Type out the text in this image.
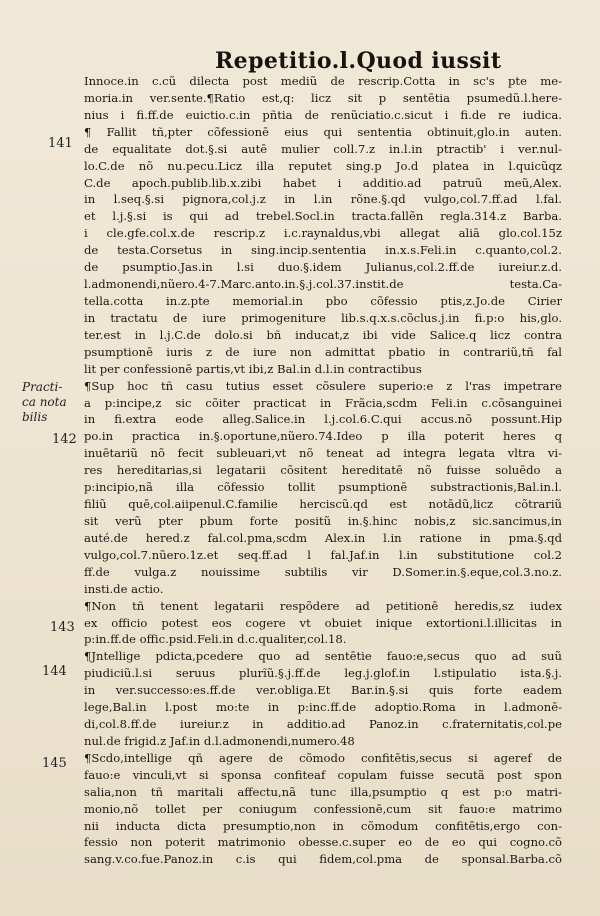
Repetitio.l.Quod iussit
141
142
143
144
145
Practi-
ca nota
bilis
Innoce.in c.cũ dilecta post mediũ de rescrip.Cotta in sc's pte me-
moria.in ver.sente.¶Ratio est,q: licz sit p sentētia psumedũ.l.here-
nius i fi.ff.de euictio.c.in pñtia de renũciatio.c.sicut i fi.de re iudica.
¶ Fallit tñ,pter cõfessionē eius qui sententia obtinuit,glo.in auten.
de equalitate dot.§.si autē mulier coll.7.z in.l.in ptractib' i ver.nul-
lo.C.de nõ nu.pecu.Licz illa reputet sing.p Jo.d platea in l.quicũqz
C.de apoch.publib.lib.x.zibi habet i additio.ad patruũ meũ,Alex.
in l.seq.§.si pignora,col.j.z in l.in rõne.§.qd vulgo,col.7.ff.ad l.fal.
et l.j.§.si is qui ad trebel.Socl.in tracta.fallẽn regla.314.z Barba.
i cle.gfe.col.x.de rescrip.z i.c.raynaldus,vbi allegat aliā glo.col.15z
de testa.Corsetus in sing.incip.sententia in.x.s.Feli.in c.quanto,col.2.
de psumptio.Jas.in l.si duo.§.idem Julianus,col.2.ff.de iureiur.z.d.
l.admonendi,nũero.4-7.Marc.anto.in.§.j.col.37.instit.de testa.Ca-
tella.cotta in.z.pte memorial.in pbo cõfessio ptis,z.Jo.de Cirier
in tractatu de iure primogeniture lib.s.q.x.s.cõclus.j.in fi.p:o his,glo.
ter.est in l.j.C.de dolo.si bñ inducat,z ibi vide Salice.q licz contra
psumptionē iuris z de iure non admittat pbatio in contrariũ,tñ fal
lit per confessionē partis,vt ibi,z Bal.in d.l.in contractibus
¶Sup hoc tñ casu tutius esset cõsulere superio:e z l'ras impetrare
a p:incipe,z sic cõiter practicat in Frãcia,scdm Feli.in c.cõsanguinei
in fi.extra eode alleg.Salice.in l.j.col.6.C.qui accus.nõ possunt.Hip
po.in practica in.§.oportune,nũero.74.Ideo p illa poterit heres q
inuētariũ nõ fecit subleuari,vt nõ teneat ad integra legata vltra vi-
res hereditarias,si legatarii cõsitent hereditatē nõ fuisse soluēdo a
p:incipio,nã illa cõfessio tollit psumptionē substractionis,Bal.in.l.
filiũ quē,col.aiipenul.C.familie herciscũ.qd est notādũ,licz cõtrariũ
sit verũ pter pbum forte positũ in.§.hinc nobis,z sic.sancimus,in
auté.de hered.z fal.col.pma,scdm Alex.in l.in ratione in pma.§.qd
vulgo,col.7.nũero.1z.et seq.ff.ad l fal.Jaf.in l.in substitutione col.2
ff.de vulga.z nouissime subtilis vir D.Somer.in.§.eque,col.3.no.z.
insti.de actio.
¶Non tñ tenent legatarii respõdere ad petitionē heredis,sz iudex
ex officio potest eos cogere vt obuiet inique extortioni.l.illicitas in
p:in.ff.de offic.psid.Feli.in d.c.qualiter,col.18.
¶Jntellige pdicta,pcedere quo ad sentētie fauo:e,secus quo ad suũ
piudiciũ.l.si seruus plurĩũ.§.j.ff.de leg.j.glof.in l.stipulatio ista.§.j.
in ver.successo:es.ff.de ver.obliga.Et Bar.in.§.si quis forte eadem
lege,Bal.in l.post mo:te in p:inc.ff.de adoptio.Roma in l.admonē-
di,col.8.ff.de iureiur.z in additio.ad Panoz.in c.fraternitatis,col.pe
nul.de frigid.z Jaf.in d.l.admonendi,numero.48
¶Scdo,intellige qñ agere de cõmodo confitētis,secus si ageref de
fauo:e vinculi,vt si sponsa confiteaf copulam fuisse secutã post spon
salia,non tñ maritali affectu,nã tunc illa,psumptio q est p:o matri-
monio,nõ tollet per coniugum confessionē,cum sit fauo:e matrimo
nii inducta dicta presumptio,non in cõmodum confitētis,ergo con-
fessio non poterit matrimonio obesse.c.super eo de eo qui cogno.cõ
sang.v.co.fue.Panoz.in c.is qui fidem,col.pma de sponsal.Barba.cõ
